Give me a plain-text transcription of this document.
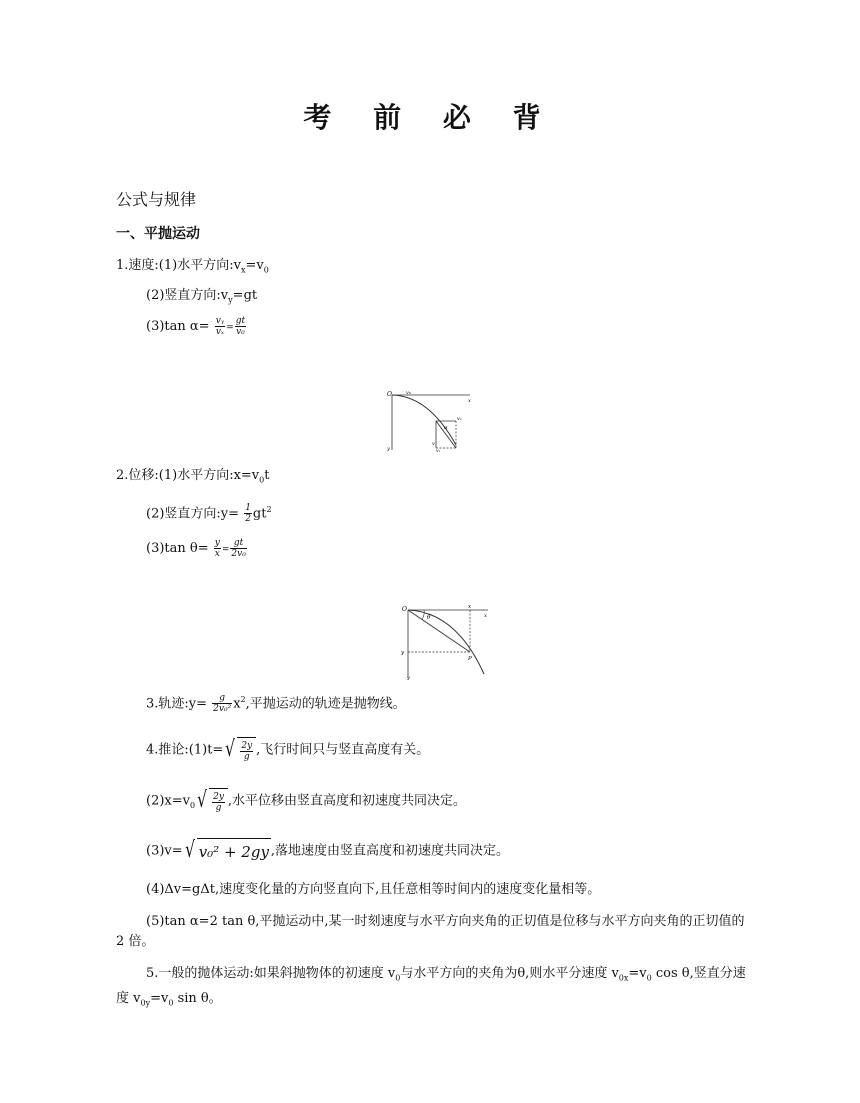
考 前 必 背
公式与规律
一、平抛运动
1.速度:(1)水平方向$:v_x=v_0$
(2)竖直方向$:v_y=gt$
(3)tan $\alpha= \frac{\text{vᵧ}}{\text{vₓ}} = \frac{gt}{\text{v₀}}$
O	v₀
x
vₓ
α
v
y	vᵧ
2.位移:(1)水平方向$:x=v_0t$
(2)竖直方向:y= $\frac{1}{2} gt^2$
(3)tan $\theta= \frac{y}{x} = \frac{gt}{\text{2v₀}}$
O	x
θ	x
y
P
y
3.轨迹:y= $\frac{g}{\text{2v₀²}} x^2$,平抛运动的轨迹是抛物线。
4.推论:(1)t= √ $\frac{2y}{g}$ ,飞行时间只与竖直高度有关。
$(2)x=v_0$ √ $\frac{2y}{g}$ ,水平位移由竖直高度和初速度共同决定。
(3)v= √ v₀² + 2gy ,落地速度由竖直高度和初速度共同决定。
(4)Δv=gΔt,速度变化量的方向竖直向下,且任意相等时间内的速度变化量相等。
(5)tan α=2 tan θ,平抛运动中,某一时刻速度与水平方向夹角的正切值是位移与水平方向夹角的正切值的 2 倍。
5.一般的抛体运动:如果斜抛物体的初速度 $v_0$与水平方向的夹角为θ,则水平分速度 $v_{0x}=v_0$ cos θ,竖直分速度 $v_{0y}=v_0$ sin θ。
